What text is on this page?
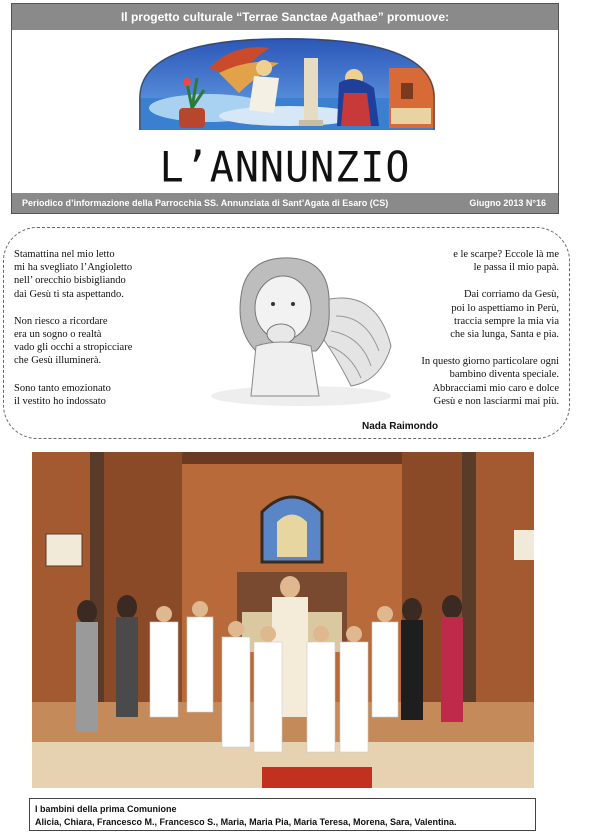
Il progetto culturale “Terrae Sanctae Agathae” promuove:
L’ANNUNZIO
Periodico d’informazione della Parrocchia SS. Annunziata di Sant’Agata di Esaro (CS)	Giugno 2013 N°16

Stamattina nel mio letto
mi ha svegliato l’Angioletto
nell’ orecchio bisbigliando
dai Gesù ti sta aspettando.

Non riesco a ricordare
era un sogno o realtà
vado gli occhi a stropicciare
che Gesù illuminerà.

Sono tanto emozionato
il vestito ho indossato

e le scarpe? Eccole là me
le passa il mio papà.

Dai corriamo da Gesù,
poi lo aspettiamo in Perù,
traccia sempre la mia via
che sia lunga, Santa e pia.

In questo giorno particolare ogni
bambino diventa speciale.
Abbracciami mio caro e dolce
Gesù e non lasciarmi mai più.

Nada Raimondo
I bambini della prima Comunione
Alicia, Chiara, Francesco M., Francesco S., Maria, Maria Pia, Maria Teresa, Morena, Sara, Valentina.
